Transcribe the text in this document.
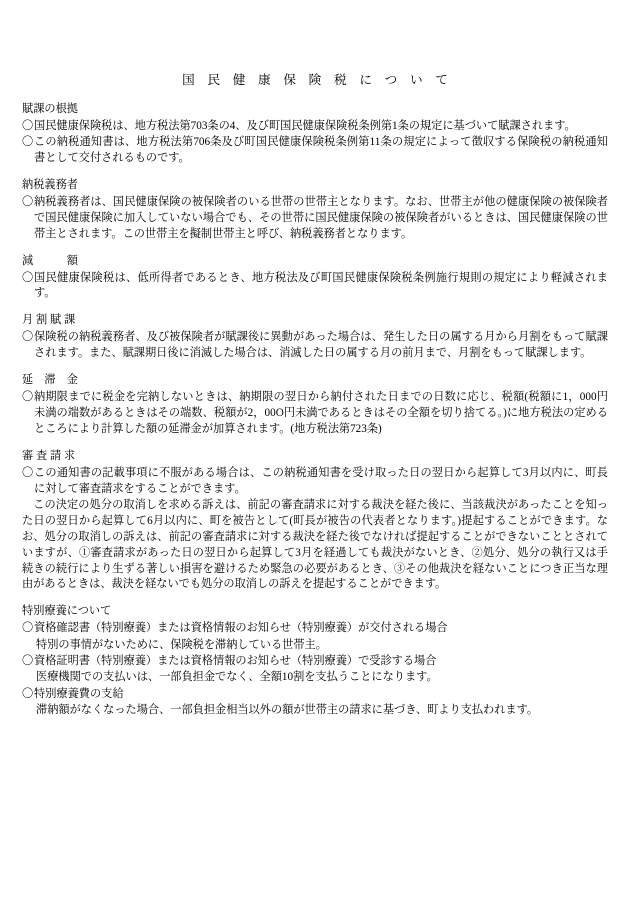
国 民 健 康 保 険 税 に つ い て
賦課の根拠
〇 国民健康保険税は、地方税法第703条の4、及び町国民健康保険税条例第1条の規定に基づいて賦課されます。
〇 この納税通知書は、地方税法第706条及び町国民健康保険税条例第11条の規定によって徴収する保険税の納税通知書として交付されるものです。
納税義務者
〇 納税義務者は、国民健康保険の被保険者のいる世帯の世帯主となります。なお、世帯主が他の健康保険の被保険者で国民健康保険に加入していない場合でも、その世帯に国民健康保険の被保険者がいるときは、国民健康保険の世帯主とされます。この世帯主を擬制世帯主と呼び、納税義務者となります。
減　　　額
〇 国民健康保険税は、低所得者であるとき、地方税法及び町国民健康保険税条例施行規則の規定により軽減されます。
月 割 賦 課
〇 保険税の納税義務者、及び被保険者が賦課後に異動があった場合は、発生した日の属する月から月割をもって賦課されます。また、賦課期日後に消滅した場合は、消滅した日の属する月の前月まで、月割をもって賦課します。
延　滞　金
〇 納期限までに税金を完納しないときは、納期限の翌日から納付された日までの日数に応じ、税額(税額に1，000円未満の端数があるときはその端数、税額が2，00O円未満であるときはその全額を切り捨てる。)に地方税法の定めるところにより計算した額の延滞金が加算されます。(地方税法第723条)
審 査 請 求
〇 この通知書の記載事項に不服がある場合は、この納税通知書を受け取った日の翌日から起算して3月以内に、町長に対して審査請求をすることができます。

この決定の処分の取消しを求める訴えは、前記の審査請求に対する裁決を経た後に、当該裁決があったことを知った日の翌日から起算して6月以内に、町を被告として(町長が被告の代表者となります。)提起することができます。なお、処分の取消しの訴えは、前記の審査請求に対する裁決を経た後でなければ提起することができないこととされていますが、①審査請求があった日の翌日から起算して3月を経過しても裁決がないとき、②処分、処分の執行又は手続きの続行により生ずる著しい損害を避けるため緊急の必要があるとき、③その他裁決を経ないことにつき正当な理由があるときは、裁決を経ないでも処分の取消しの訴えを提起することができます。

特別療養について
〇 資格確認書（特別療養）または資格情報のお知らせ（特別療養）が交付される場合
特別の事情がないために、保険税を滞納している世帯主。
〇 資格証明書（特別療養）または資格情報のお知らせ（特別療養）で受診する場合
医療機関での支払いは、一部負担金でなく、全額10割を支払うことになります。
〇 特別療養費の支給
滞納額がなくなった場合、一部負担金相当以外の額が世帯主の請求に基づき、町より支払われます。
